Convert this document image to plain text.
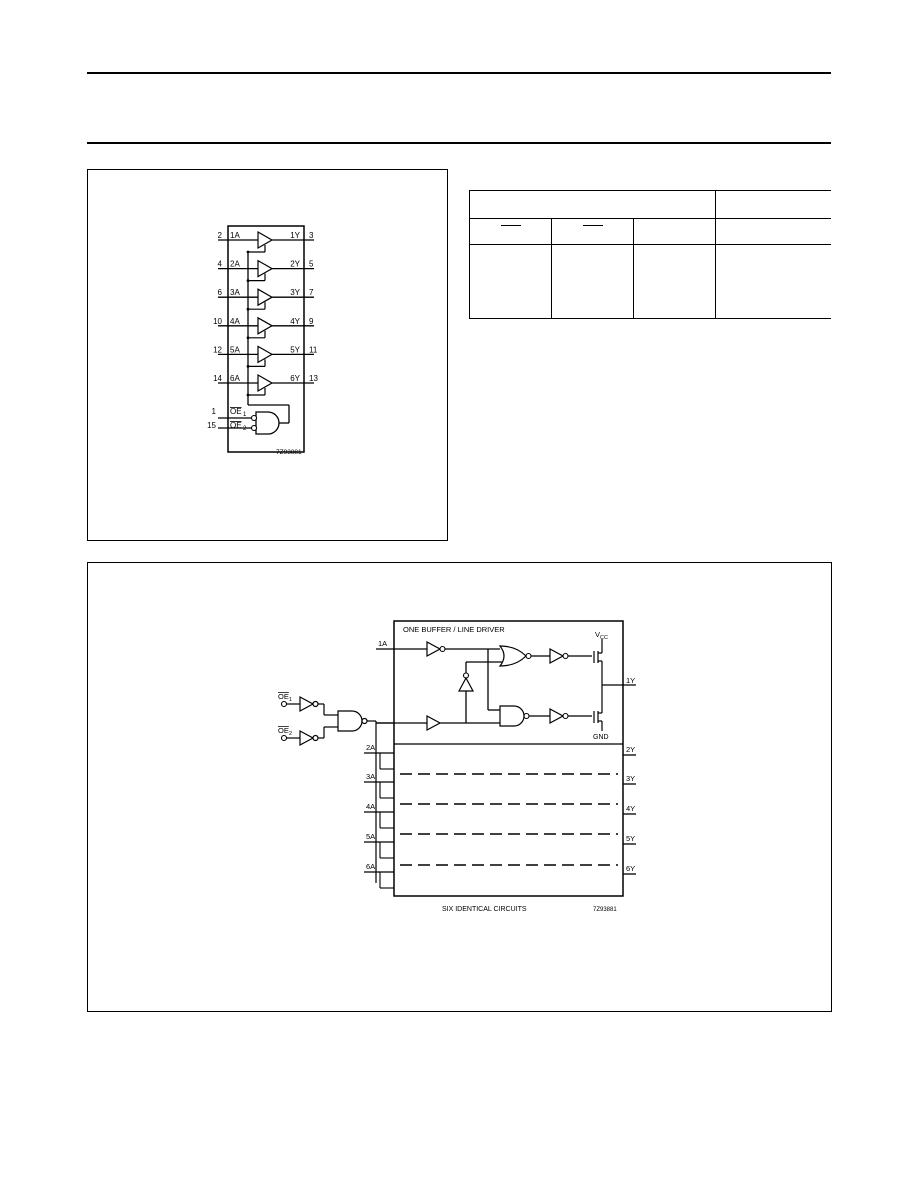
2 1A	1Y 3
4 2A	2Y 5
6 3A	3Y 7
10 4A	4Y 9
12 5A	5Y 11
14 6A	6Y 13
1 OE 1
15 OE 2
7Z93881

ONE BUFFER / LINE DRIVER
1A
$V_{CC}$
GND
1Y
$OE_1$
$OE_2$
2A	2Y
3A	3Y
4A	4Y
5A	5Y
6A	6Y
SIX IDENTICAL CIRCUITS	7Z93881
